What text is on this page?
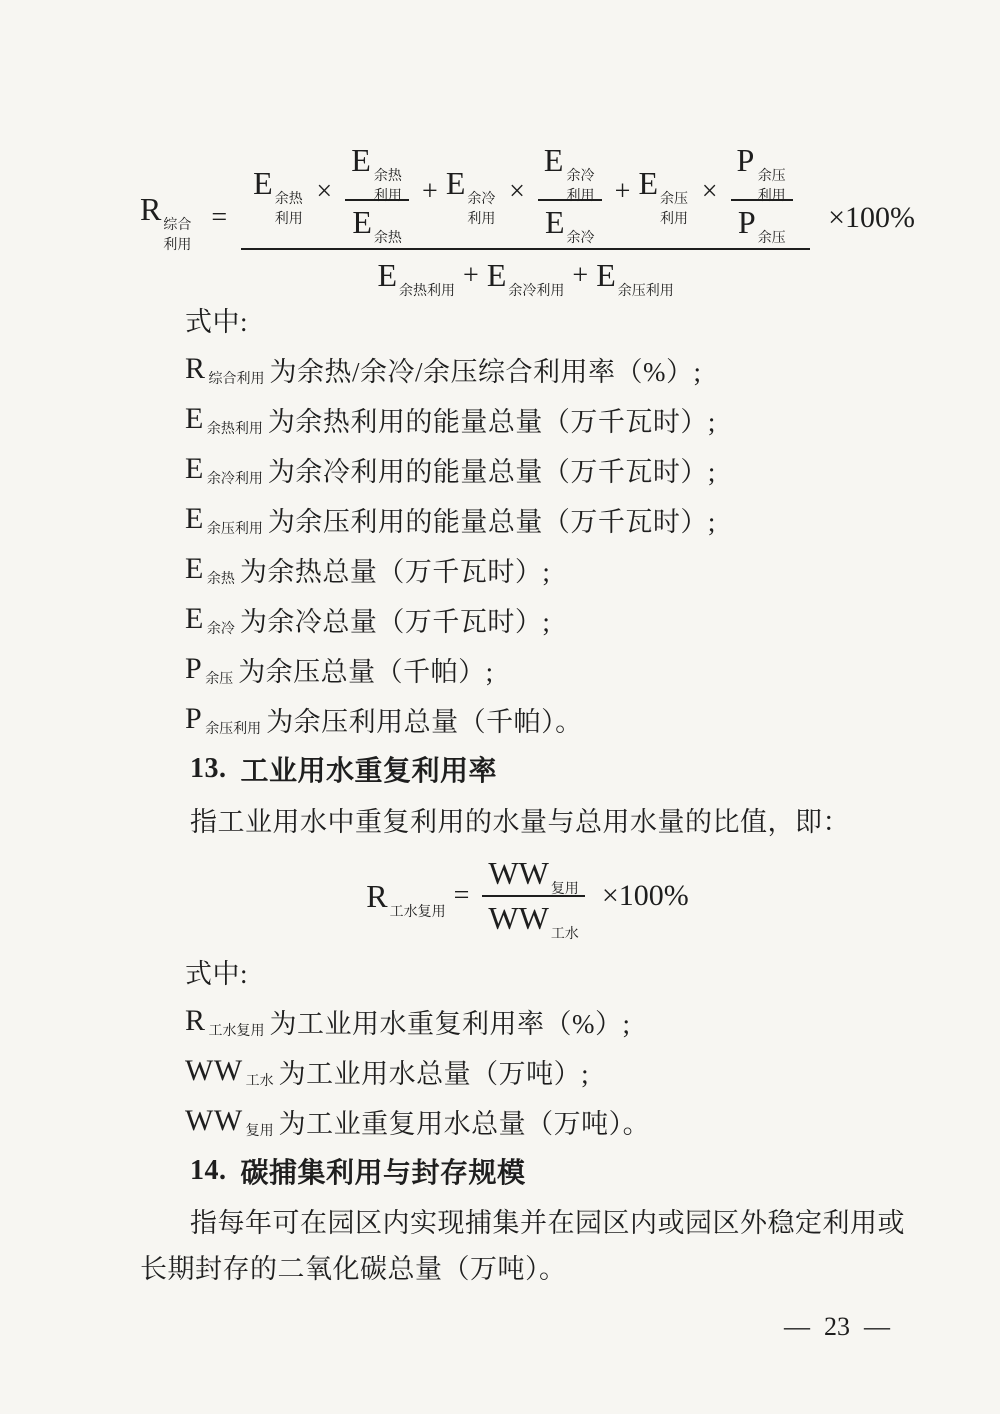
R 综合利用
=
E 余热利用
× $\frac{\text{E 余热利用}}{\text{E 余热}} + E$ 余冷利用
× $\frac{\text{E 余冷利用}}{\text{E 余冷}} + E$ 余压利用
× $\frac{\text{P 余压利用}}{\text{P 余压}}$
E 余热利用
+ E 余冷利用
+ E 余压利用
×100%
式中:
R 综合利用 为余热/余冷/余压综合利用率（%）;
E 余热利用 为余热利用的能量总量（万千瓦时）;
E 余冷利用 为余冷利用的能量总量（万千瓦时）;
E 余压利用 为余压利用的能量总量（万千瓦时）;
E 余热 为余热总量（万千瓦时）;
E 余冷 为余冷总量（万千瓦时）;
P 余压 为余压总量（千帕）;
P 余压利用 为余压利用总量（千帕）。
13. 工业用水重复利用率
指工业用水中重复利用的水量与总用水量的比值，即：
R 工水复用
= $\frac{\text{WW 复用}}{\text{WW 工水}} \times 100\%$
式中:
R 工水复用 为工业用水重复利用率（%）;
WW 工水 为工业用水总量（万吨）;
WW 复用 为工业重复用水总量（万吨）。
14. 碳捕集利用与封存规模
指每年可在园区内实现捕集并在园区内或园区外稳定利用或长期封存的二氧化碳总量（万吨）。
— 23 —
